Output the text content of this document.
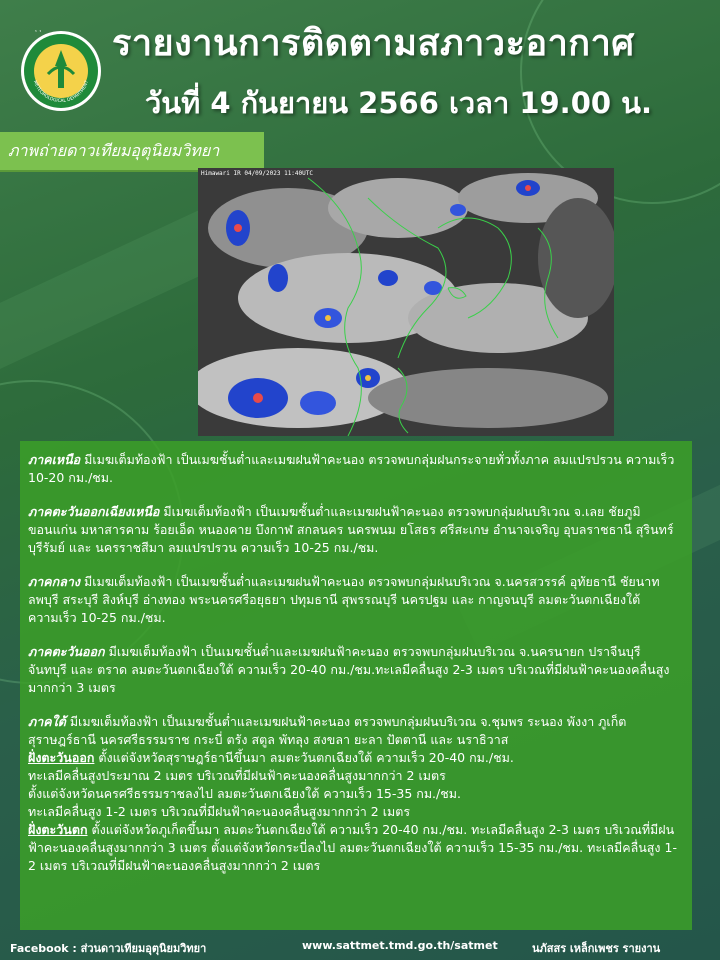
METEOROLOGICAL DEPARTMENT
รายงานการติดตามสภาวะอากาศ
วันที่ 4 กันยายน 2566 เวลา 19.00 น.
ภาพถ่ายดาวเทียมอุตุนิยมวิทยา
Himawari IR 04/09/2023 11:40UTC
ภาคเหนือ มีเมฆเต็มท้องฟ้า เป็นเมฆชั้นต่ำและเมฆฝนฟ้าคะนอง ตรวจพบกลุ่มฝนกระจายทั่วทั้งภาค ลมแปรปรวน ความเร็ว 10-20 กม./ชม.
ภาคตะวันออกเฉียงเหนือ มีเมฆเต็มท้องฟ้า เป็นเมฆชั้นต่ำและเมฆฝนฟ้าคะนอง ตรวจพบกลุ่มฝนบริเวณ จ.เลย ชัยภูมิ ขอนแก่น มหาสารคาม ร้อยเอ็ด หนองคาย บึงกาฬ สกลนคร นครพนม ยโสธร ศรีสะเกษ อำนาจเจริญ อุบลราชธานี สุรินทร์ บุรีรัมย์ และ นครราชสีมา ลมแปรปรวน ความเร็ว 10-25 กม./ชม.
ภาคกลาง มีเมฆเต็มท้องฟ้า เป็นเมฆชั้นต่ำและเมฆฝนฟ้าคะนอง ตรวจพบกลุ่มฝนบริเวณ จ.นครสวรรค์ อุทัยธานี ชัยนาท ลพบุรี สระบุรี สิงห์บุรี อ่างทอง พระนครศรีอยุธยา ปทุมธานี สุพรรณบุรี นครปฐม และ กาญจนบุรี ลมตะวันตกเฉียงใต้ ความเร็ว 10-25 กม./ชม.
ภาคตะวันออก มีเมฆเต็มท้องฟ้า เป็นเมฆชั้นต่ำและเมฆฝนฟ้าคะนอง ตรวจพบกลุ่มฝนบริเวณ จ.นครนายก ปราจีนบุรี จันทบุรี และ ตราด ลมตะวันตกเฉียงใต้ ความเร็ว 20-40 กม./ชม.ทะเลมีคลื่นสูง 2-3 เมตร บริเวณที่มีฝนฟ้าคะนองคลื่นสูงมากกว่า 3 เมตร
ภาคใต้ มีเมฆเต็มท้องฟ้า เป็นเมฆชั้นต่ำและเมฆฝนฟ้าคะนอง ตรวจพบกลุ่มฝนบริเวณ จ.ชุมพร ระนอง พังงา ภูเก็ต สุราษฎร์ธานี นครศรีธรรมราช กระบี่ ตรัง สตูล พัทลุง สงขลา ยะลา ปัตตานี และ นราธิวาส
ฝั่งตะวันออก ตั้งแต่จังหวัดสุราษฎร์ธานีขึ้นมา ลมตะวันตกเฉียงใต้ ความเร็ว 20-40 กม./ชม.
ทะเลมีคลื่นสูงประมาณ 2 เมตร บริเวณที่มีฝนฟ้าคะนองคลื่นสูงมากกว่า 2 เมตร
ตั้งแต่จังหวัดนครศรีธรรมราชลงไป ลมตะวันตกเฉียงใต้ ความเร็ว 15-35 กม./ชม.
ทะเลมีคลื่นสูง 1-2 เมตร บริเวณที่มีฝนฟ้าคะนองคลื่นสูงมากกว่า 2 เมตร
ฝั่งตะวันตก ตั้งแต่จังหวัดภูเก็ตขึ้นมา ลมตะวันตกเฉียงใต้ ความเร็ว 20-40 กม./ชม. ทะเลมีคลื่นสูง 2-3 เมตร บริเวณที่มีฝนฟ้าคะนองคลื่นสูงมากกว่า 3 เมตร ตั้งแต่จังหวัดกระบี่ลงไป ลมตะวันตกเฉียงใต้ ความเร็ว 15-35 กม./ชม. ทะเลมีคลื่นสูง 1-2 เมตร บริเวณที่มีฝนฟ้าคะนองคลื่นสูงมากกว่า 2 เมตร
Facebook : ส่วนดาวเทียมอุตุนิยมวิทยา	www.sattmet.tmd.go.th/satmet	นภัสสร เหล็กเพชร รายงาน
